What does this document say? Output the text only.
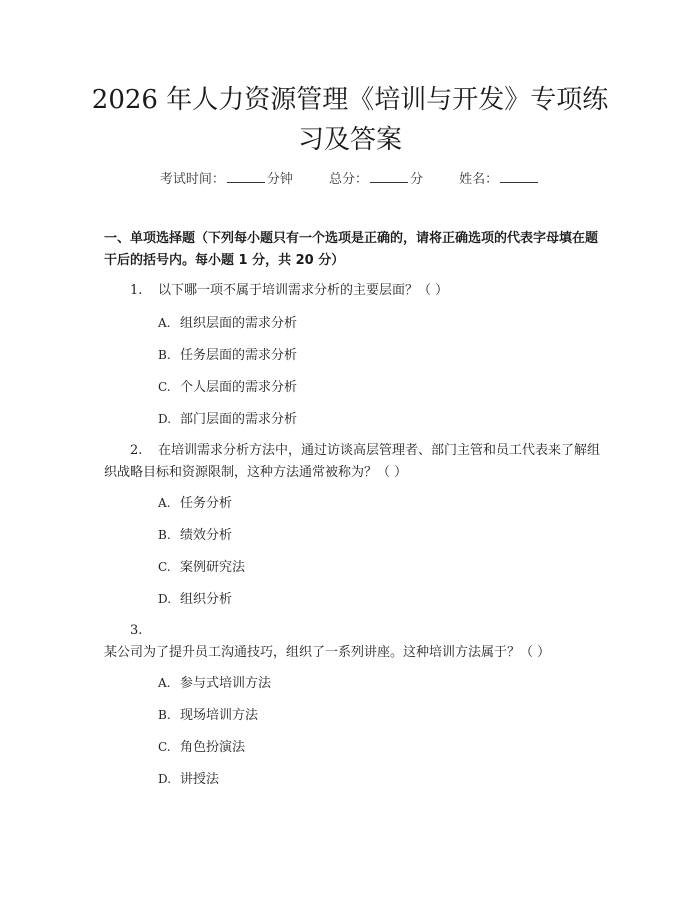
2026 年人力资源管理《培训与开发》专项练
习及答案
考试时间：	分钟	总分：	分	姓名：
一、单项选择题（下列每小题只有一个选项是正确的，请将正确选项的代表字母填在题干后的括号内。每小题 1 分，共 20 分）
1. 以下哪一项不属于培训需求分析的主要层面？（ ）
A. 组织层面的需求分析
B. 任务层面的需求分析
C. 个人层面的需求分析
D. 部门层面的需求分析
2. 在培训需求分析方法中，通过访谈高层管理者、部门主管和员工代表来了解组织战略目标和资源限制，这种方法通常被称为？（ ）
A. 任务分析
B. 绩效分析
C. 案例研究法
D. 组织分析
3.某公司为了提升员工沟通技巧，组织了一系列讲座。这种培训方法属于？（ ）
A. 参与式培训方法
B. 现场培训方法
C. 角色扮演法
D. 讲授法
